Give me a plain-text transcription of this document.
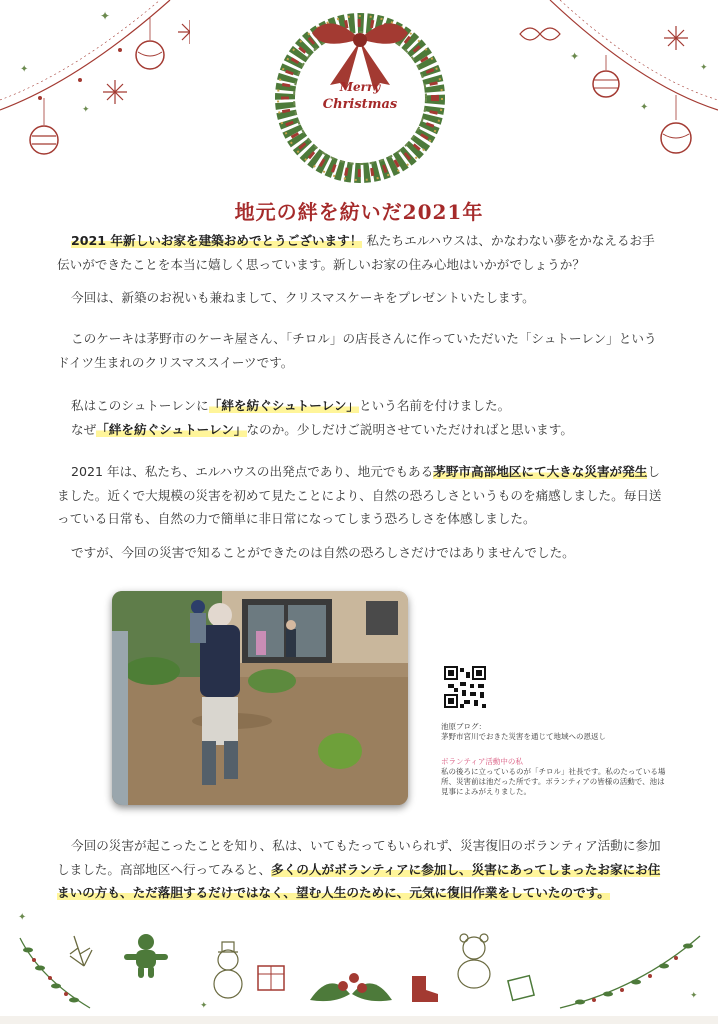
✦
✦
✦
✦
✦
✦
Merry
Christmas
地元の絆を紡いだ2021年
2021 年新しいお家を建築おめでとうございます！ 私たちエルハウスは、かなわない夢をかなえるお手伝いができたことを本当に嬉しく思っています。新しいお家の住み心地はいかがでしょうか？
今回は、新築のお祝いも兼ねまして、クリスマスケーキをプレゼントいたします。
このケーキは茅野市のケーキ屋さん、「チロル」の店長さんに作っていただいた「シュトーレン」というドイツ生まれのクリスマススイーツです。
私はこのシュトーレンに「絆を紡ぐシュトーレン」という名前を付けました。
なぜ「絆を紡ぐシュトーレン」なのか。少しだけご説明させていただければと思います。
2021 年は、私たち、エルハウスの出発点であり、地元でもある茅野市高部地区にて大きな災害が発生しました。近くで大規模の災害を初めて見たことにより、自然の恐ろしさというものを痛感しました。毎日送っている日常も、自然の力で簡単に非日常になってしまう恐ろしさを体感しました。
ですが、今回の災害で知ることができたのは自然の恐ろしさだけではありませんでした。
池原ブログ：
茅野市宮川でおきた災害を通じて地域への恩返し
ボランティア活動中の私
私の後ろに立っているのが「チロル」社長です。私のたっている場所、災害前は池だった所です。ボランティアの皆様の活動で、池は見事によみがえりました。
今回の災害が起こったことを知り、私は、いてもたってもいられず、災害復旧のボランティア活動に参加しました。高部地区へ行ってみると、多くの人がボランティアに参加し、災害にあってしまったお家にお住まいの方も、ただ落胆するだけではなく、望む人生のために、元気に復旧作業をしていたのです。
✦
✦
✦
